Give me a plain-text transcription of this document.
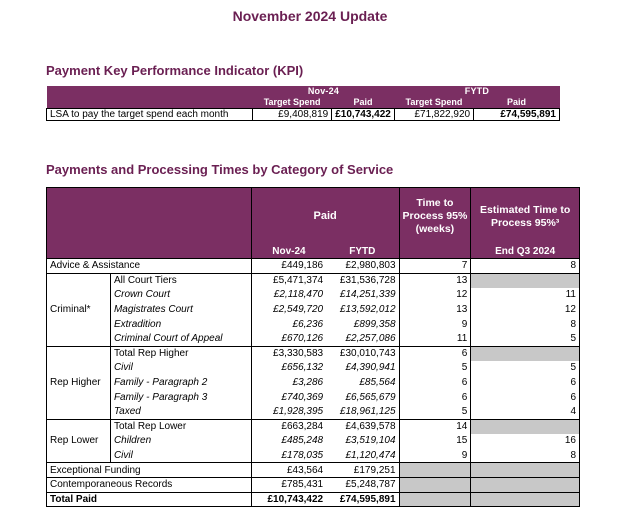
November 2024 Update
Payment Key Performance Indicator (KPI)
	Nov-24		FYTD	
	Target Spend	Paid	Target Spend	Paid
LSA to pay the target spend each month	£9,408,819	£10,743,422	£71,822,920	£74,595,891
Payments and Processing Times by Category of Service
		Paid		Time to Process 95% (weeks)	Estimated Time to Process 95%³
		Nov-24	FYTD		End Q3 2024
Advice & Assistance		£449,186	£2,980,803	7	8
Criminal*	All Court Tiers	£5,471,374	£31,536,728	13	
	Crown Court	£2,118,470	£14,251,339	12	11
	Magistrates Court	£2,549,720	£13,592,012	13	12
	Extradition	£6,236	£899,358	9	8
	Criminal Court of Appeal	£670,126	£2,257,086	11	5
Rep Higher	Total Rep Higher	£3,330,583	£30,010,743	6	
	Civil	£656,132	£4,390,941	5	5
	Family - Paragraph 2	£3,286	£85,564	6	6
	Family - Paragraph 3	£740,369	£6,565,679	6	6
	Taxed	£1,928,395	£18,961,125	5	4
Rep Lower	Total Rep Lower	£663,284	£4,639,578	14	
	Children	£485,248	£3,519,104	15	16
	Civil	£178,035	£1,120,474	9	8
Exceptional Funding		£43,564	£179,251		
Contemporaneous Records		£785,431	£5,248,787		
Total Paid		£10,743,422	£74,595,891		
